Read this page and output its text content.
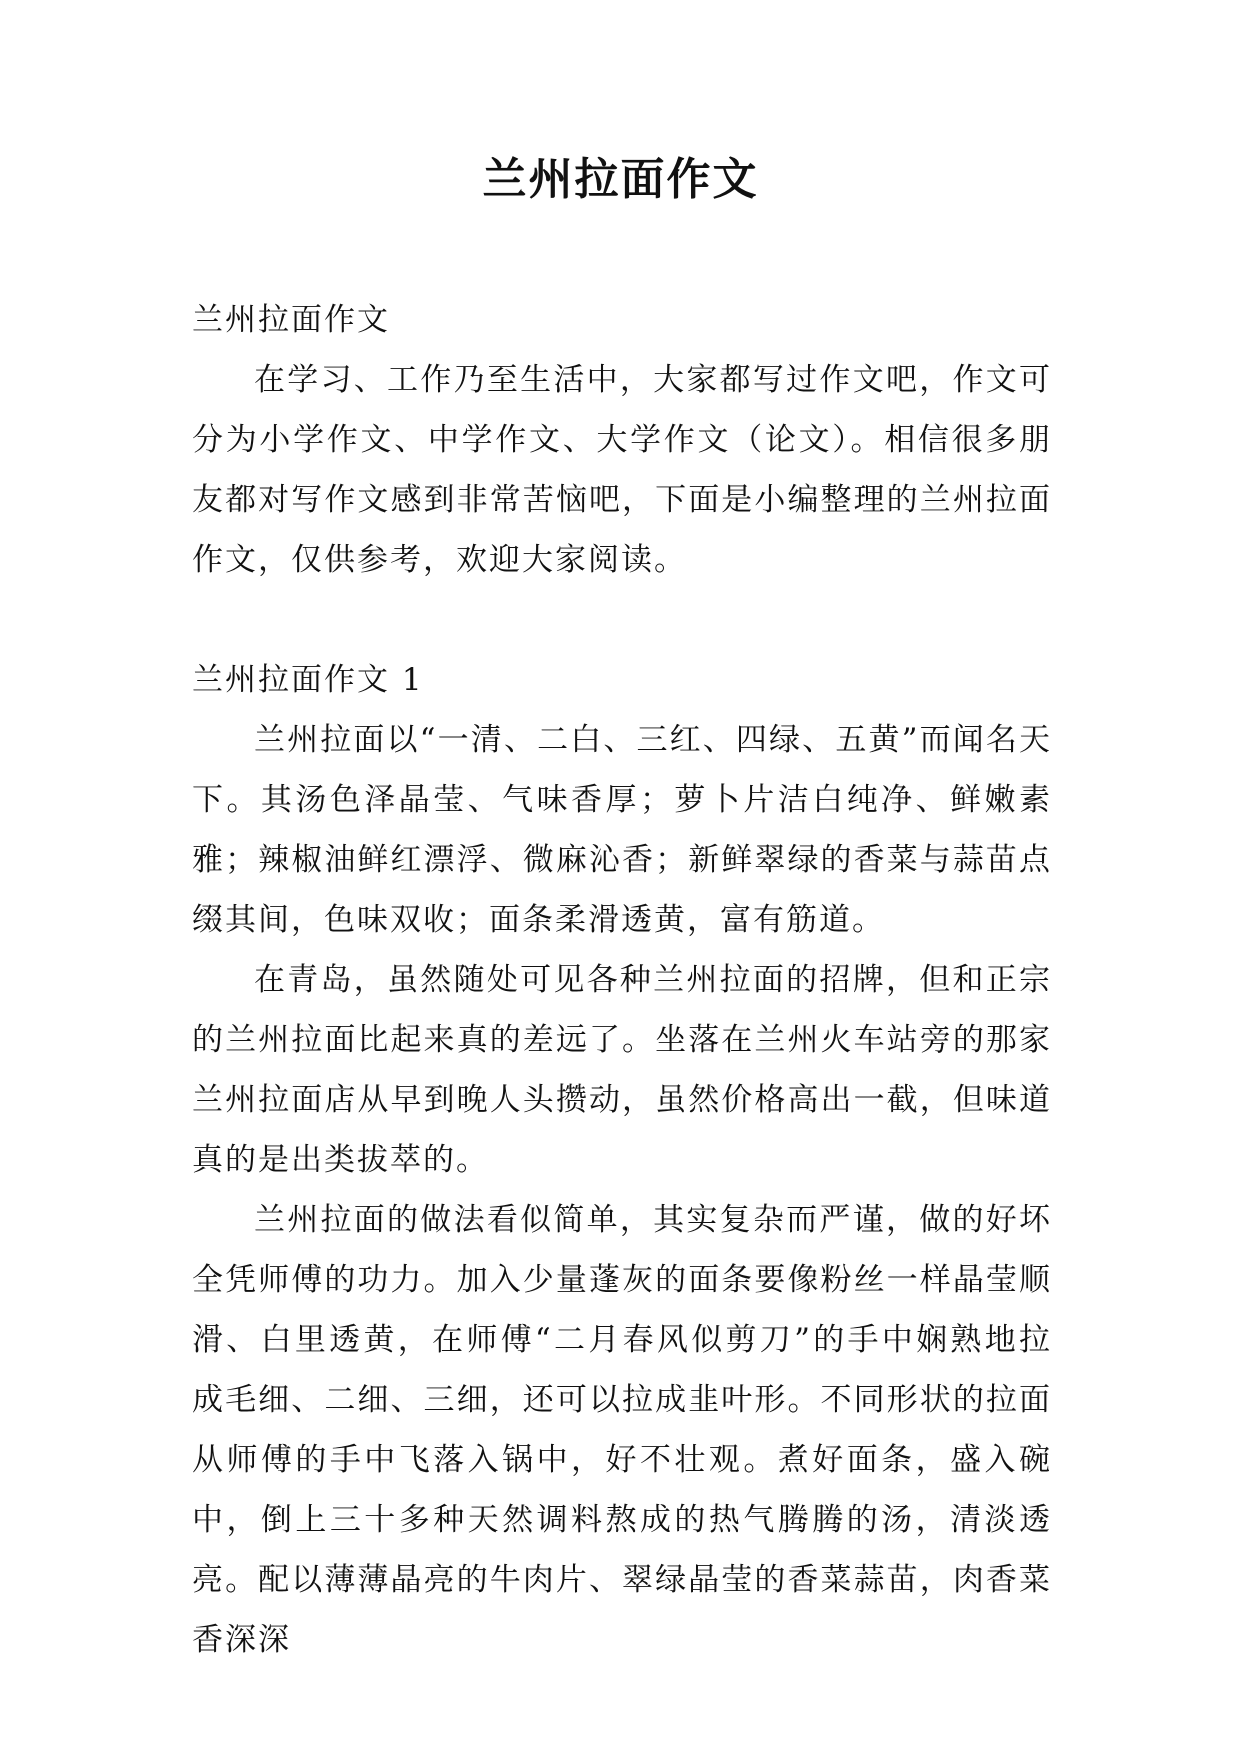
兰州拉面作文

兰州拉面作文

在学习、工作乃至生活中，大家都写过作文吧，作文可分为小学作文、中学作文、大学作文（论文）。相信很多朋友都对写作文感到非常苦恼吧，下面是小编整理的兰州拉面作文，仅供参考，欢迎大家阅读。

兰州拉面作文 1

兰州拉面以“一清、二白、三红、四绿、五黄”而闻名天下。其汤色泽晶莹、气味香厚；萝卜片洁白纯净、鲜嫩素雅；辣椒油鲜红漂浮、微麻沁香；新鲜翠绿的香菜与蒜苗点缀其间，色味双收；面条柔滑透黄，富有筋道。

在青岛，虽然随处可见各种兰州拉面的招牌，但和正宗的兰州拉面比起来真的差远了。坐落在兰州火车站旁的那家兰州拉面店从早到晚人头攒动，虽然价格高出一截，但味道真的是出类拔萃的。

兰州拉面的做法看似简单，其实复杂而严谨，做的好坏全凭师傅的功力。加入少量蓬灰的面条要像粉丝一样晶莹顺滑、白里透黄，在师傅“二月春风似剪刀”的手中娴熟地拉成毛细、二细、三细，还可以拉成韭叶形。不同形状的拉面从师傅的手中飞落入锅中，好不壮观。煮好面条，盛入碗中，倒上三十多种天然调料熬成的热气腾腾的汤，清淡透亮。配以薄薄晶亮的牛肉片、翠绿晶莹的香菜蒜苗，肉香菜香深深
